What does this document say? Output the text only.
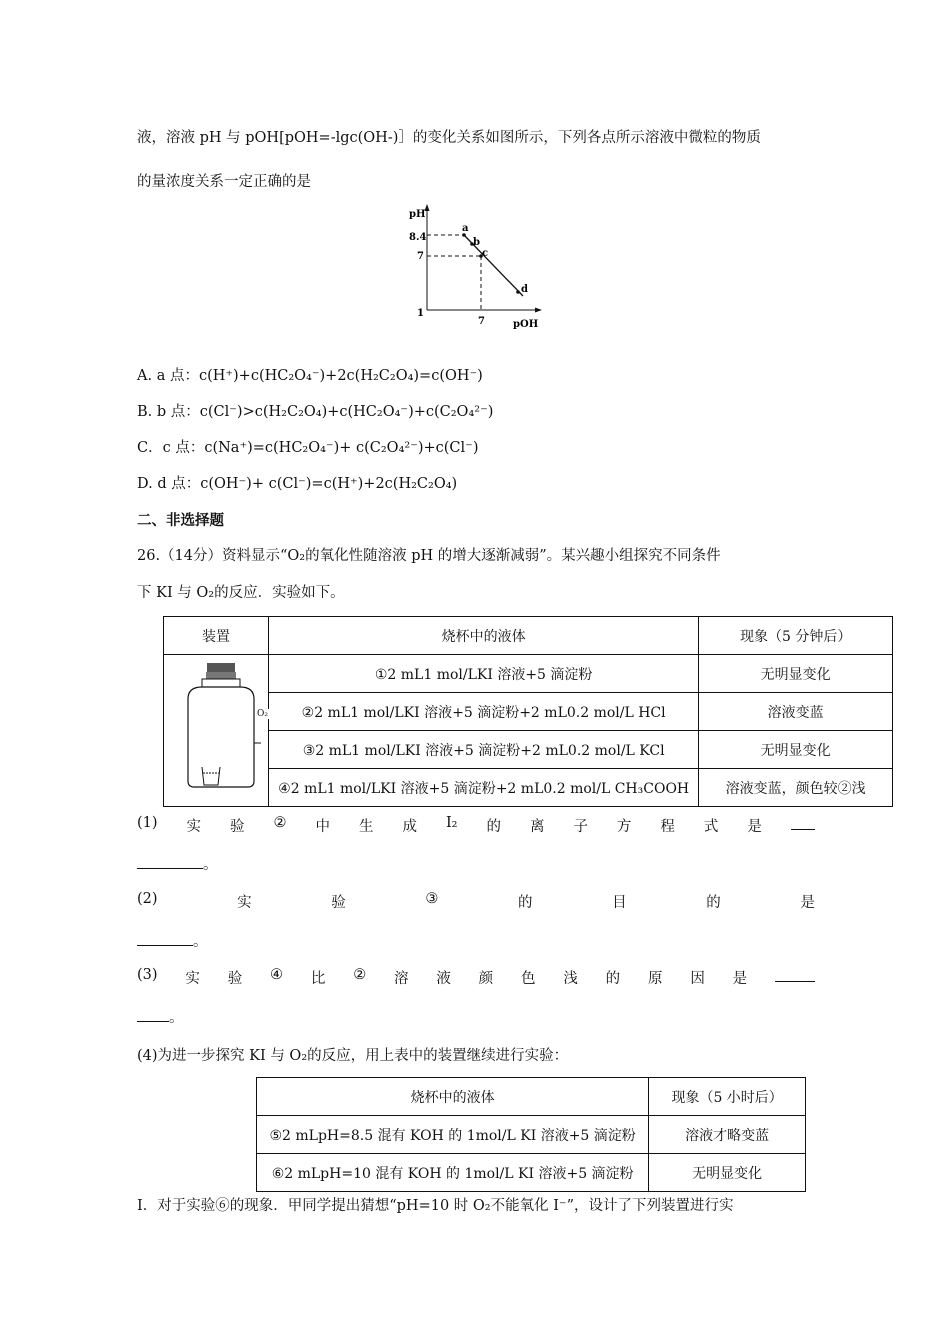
液，溶液 pH 与 pOH[pOH=-lgc(OH-)］的变化关系如图所示，下列各点所示溶液中微粒的物质
的量浓度关系一定正确的是
pH
pOH
8.4
7
1
7
a
b
c
d
A. a 点：c(H⁺)+c(HC₂O₄⁻)+2c(H₂C₂O₄)=c(OH⁻)
B. b 点：c(Cl⁻)>c(H₂C₂O₄)+c(HC₂O₄⁻)+c(C₂O₄²⁻)
C．c 点：c(Na⁺)=c(HC₂O₄⁻)+ c(C₂O₄²⁻)+c(Cl⁻)
D. d 点：c(OH⁻)+ c(Cl⁻)=c(H⁺)+2c(H₂C₂O₄)
二、非选择题
26.（14分）资料显示“O₂的氧化性随溶液 pH 的增大逐渐减弱”。某兴趣小组探究不同条件
下 KI 与 O₂的反应．实验如下。
装置	烧杯中的液体	现象（5 分钟后）
	①2 mL1 mol/LKI 溶液+5 滴淀粉	无明显变化
	②2 mL1 mol/LKI 溶液+5 滴淀粉+2 mL0.2 mol/L HCl	溶液变蓝
	③2 mL1 mol/LKI 溶液+5 滴淀粉+2 mL0.2 mol/L KCl	无明显变化
	④2 mL1 mol/LKI 溶液+5 滴淀粉+2 mL0.2 mol/L CH₃COOH	溶液变蓝，颜色较②浅
O₂
(1) 实 验 ② 中 生 成 I₂ 的 离 子 方 程 式 是
。
(2)	实	验	③	的	目	的	是
。
(3) 实 验 ④ 比 ② 溶 液 颜 色 浅 的 原 因 是
。
(4)为进一步探究 KI 与 O₂的反应，用上表中的装置继续进行实验：
烧杯中的液体	现象（5 小时后）
⑤2 mLpH=8.5 混有 KOH 的 1mol/L KI 溶液+5 滴淀粉	溶液才略变蓝
⑥2 mLpH=10 混有 KOH 的 1mol/L KI 溶液+5 滴淀粉	无明显变化
I．对于实验⑥的现象．甲同学提出猜想“pH=10 时 O₂不能氧化 I⁻”，设计了下列装置进行实
